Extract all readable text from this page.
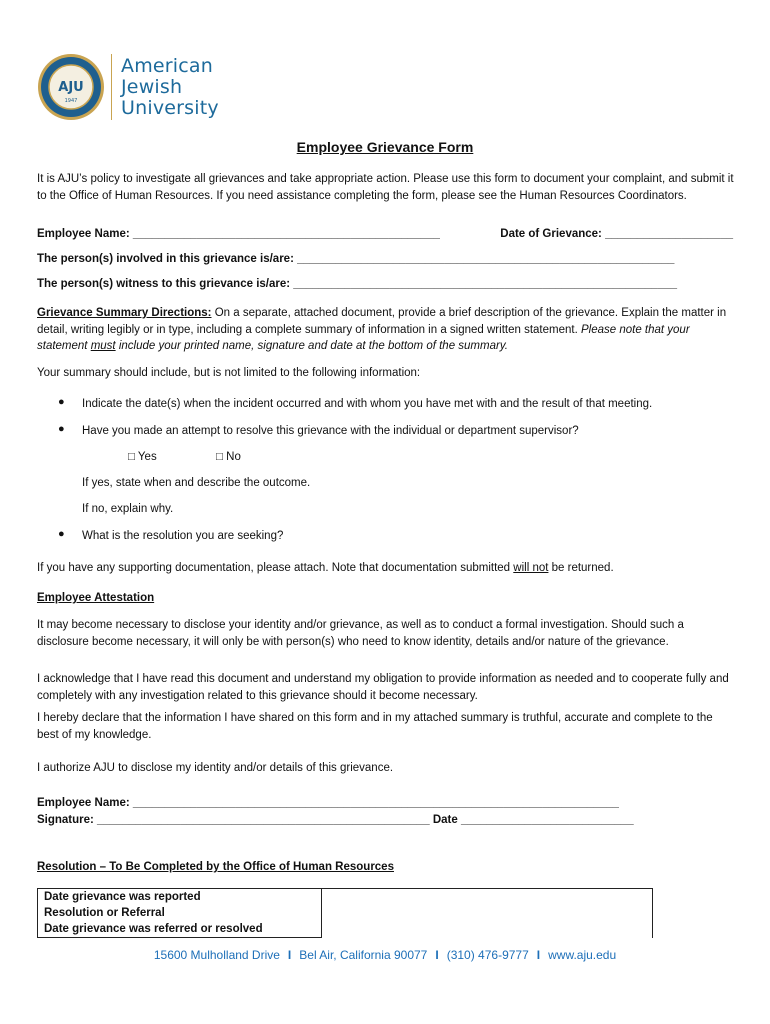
AJU
1947
American
Jewish
University
Employee Grievance Form
It is AJU’s policy to investigate all grievances and take appropriate action. Please use this form to document your complaint, and submit it to the Office of Human Resources. If you need assistance completing the form, please see the Human Resources Coordinators.
Employee Name: ________________________________________________	Date of Grievance: ____________________
The person(s) involved in this grievance is/are: ___________________________________________________________
The person(s) witness to this grievance is/are: ____________________________________________________________
Grievance Summary Directions: On a separate, attached document, provide a brief description of the grievance. Explain the matter in detail, writing legibly or in type, including a complete summary of information in a signed written statement. Please note that your statement must include your printed name, signature and date at the bottom of the summary.
Your summary should include, but is not limited to the following information:
● Indicate the date(s) when the incident occurred and with whom you have met with and the result of that meeting.
● Have you made an attempt to resolve this grievance with the individual or department supervisor?
□ Yes	□ No
If yes, state when and describe the outcome.
If no, explain why.
● What is the resolution you are seeking?
If you have any supporting documentation, please attach. Note that documentation submitted will not be returned.
Employee Attestation
It may become necessary to disclose your identity and/or grievance, as well as to conduct a formal investigation. Should such a disclosure become necessary, it will only be with person(s) who need to know identity, details and/or nature of the grievance.
I acknowledge that I have read this document and understand my obligation to provide information as needed and to cooperate fully and completely with any investigation related to this grievance should it become necessary.
I hereby declare that the information I have shared on this form and in my attached summary is truthful, accurate and complete to the best of my knowledge.
I authorize AJU to disclose my identity and/or details of this grievance.
Employee Name: ____________________________________________________________________________
Signature: ____________________________________________________ Date ___________________________
Resolution – To Be Completed by the Office of Human Resources
Date grievance was reported	
Resolution or Referral
Date grievance was referred or resolved
15600 Mulholland Drive I Bel Air, California 90077 I (310) 476-9777 I www.aju.edu
